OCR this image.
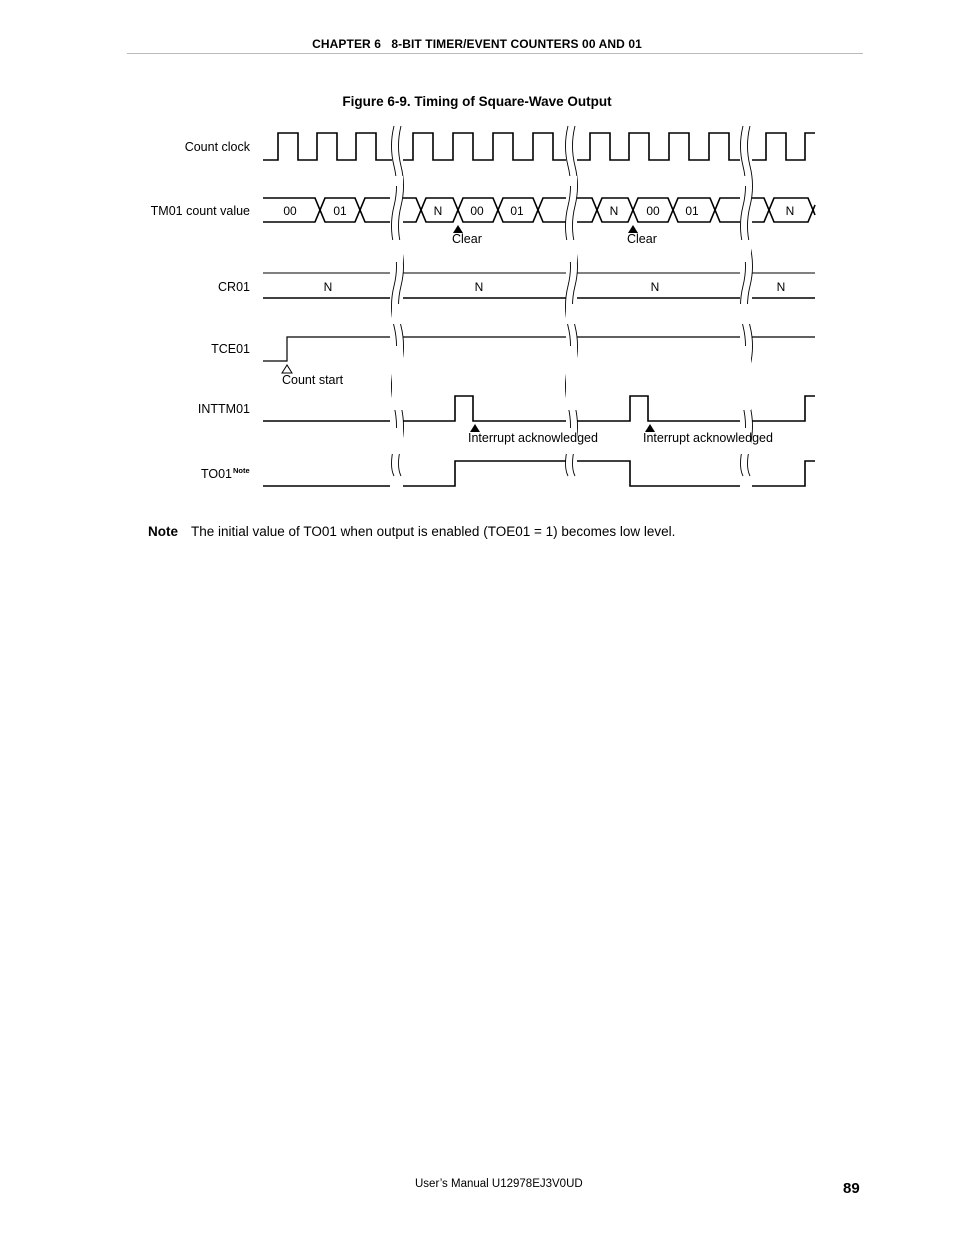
CHAPTER 6   8-BIT TIMER/EVENT COUNTERS 00 AND 01
Figure 6-9. Timing of Square-Wave Output
Count clock
TM01 count value
CR01
TCE01
INTTM01
TO01 Note
00	01	N 00 01	N 00 01	N
N	N	N	N
Clear	Clear
Count start
Interrupt acknowledged	Interrupt acknowledged
Note The initial value of TO01 when output is enabled (TOE01 = 1) becomes low level.
User’s Manual U12978EJ3V0UD	89
